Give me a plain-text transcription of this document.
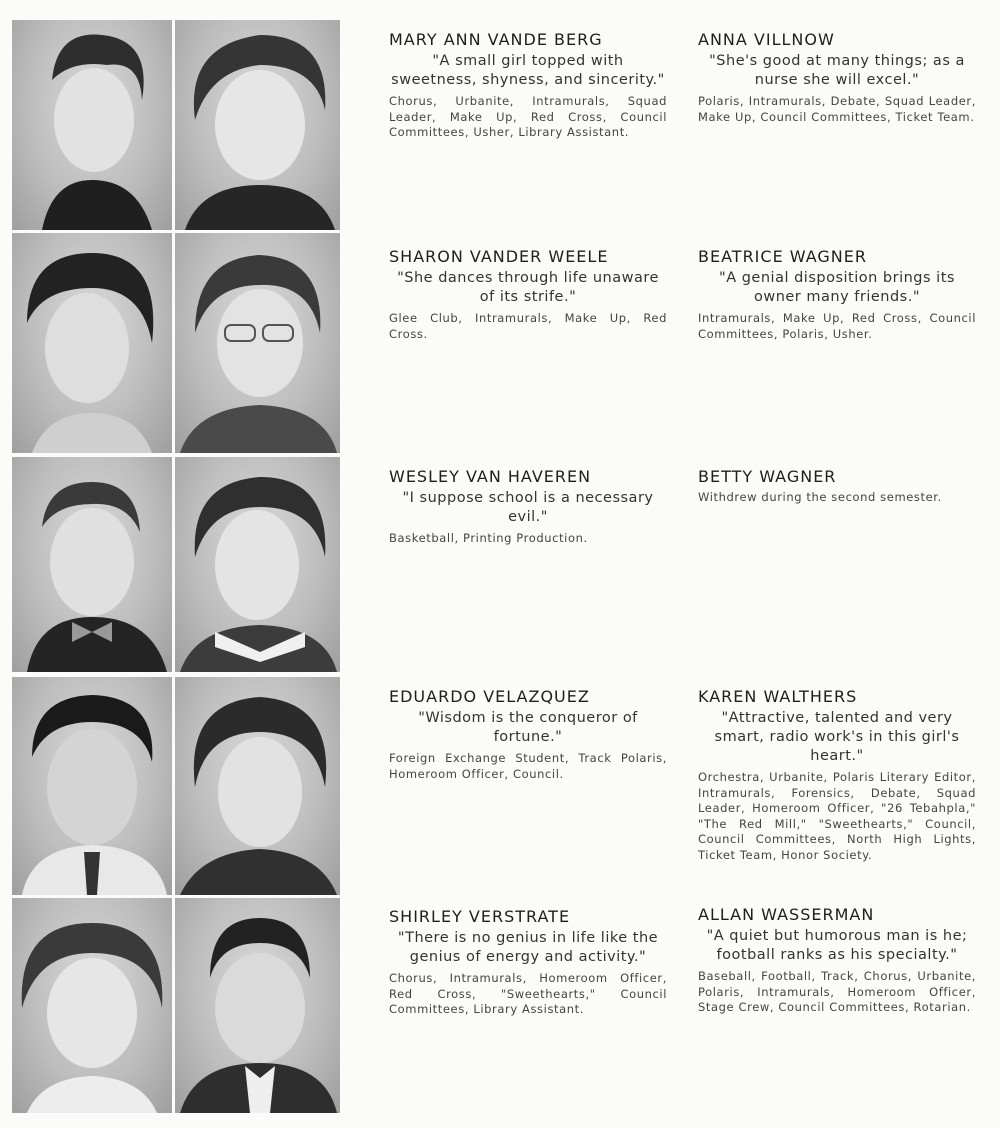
MARY ANN VANDE BERG
"A small girl topped with sweetness, shyness, and sincerity."
Chorus, Urbanite, Intramurals, Squad Leader, Make Up, Red Cross, Council Committees, Usher, Library Assistant.
ANNA VILLNOW
"She's good at many things; as a nurse she will excel."
Polaris, Intramurals, Debate, Squad Leader, Make Up, Council Committees, Ticket Team.
SHARON VANDER WEELE
"She dances through life unaware of its strife."
Glee Club, Intramurals, Make Up, Red Cross.
BEATRICE WAGNER
"A genial disposition brings its owner many friends."
Intramurals, Make Up, Red Cross, Council Committees, Polaris, Usher.
WESLEY VAN HAVEREN
"I suppose school is a necessary evil."
Basketball, Printing Production.
BETTY WAGNER
Withdrew during the second semester.
EDUARDO VELAZQUEZ
"Wisdom is the conqueror of fortune."
Foreign Exchange Student, Track Polaris, Homeroom Officer, Council.
KAREN WALTHERS
"Attractive, talented and very smart, radio work's in this girl's heart."
Orchestra, Urbanite, Polaris Literary Editor, Intramurals, Forensics, Debate, Squad Leader, Homeroom Officer, "26 Tebahpla," "The Red Mill," "Sweethearts," Council, Council Committees, North High Lights, Ticket Team, Honor Society.
SHIRLEY VERSTRATE
"There is no genius in life like the genius of energy and activity."
Chorus, Intramurals, Homeroom Officer, Red Cross, "Sweethearts," Council Committees, Library Assistant.
ALLAN WASSERMAN
"A quiet but humorous man is he; football ranks as his specialty."
Baseball, Football, Track, Chorus, Urbanite, Polaris, Intramurals, Homeroom Officer, Stage Crew, Council Committees, Rotarian.
